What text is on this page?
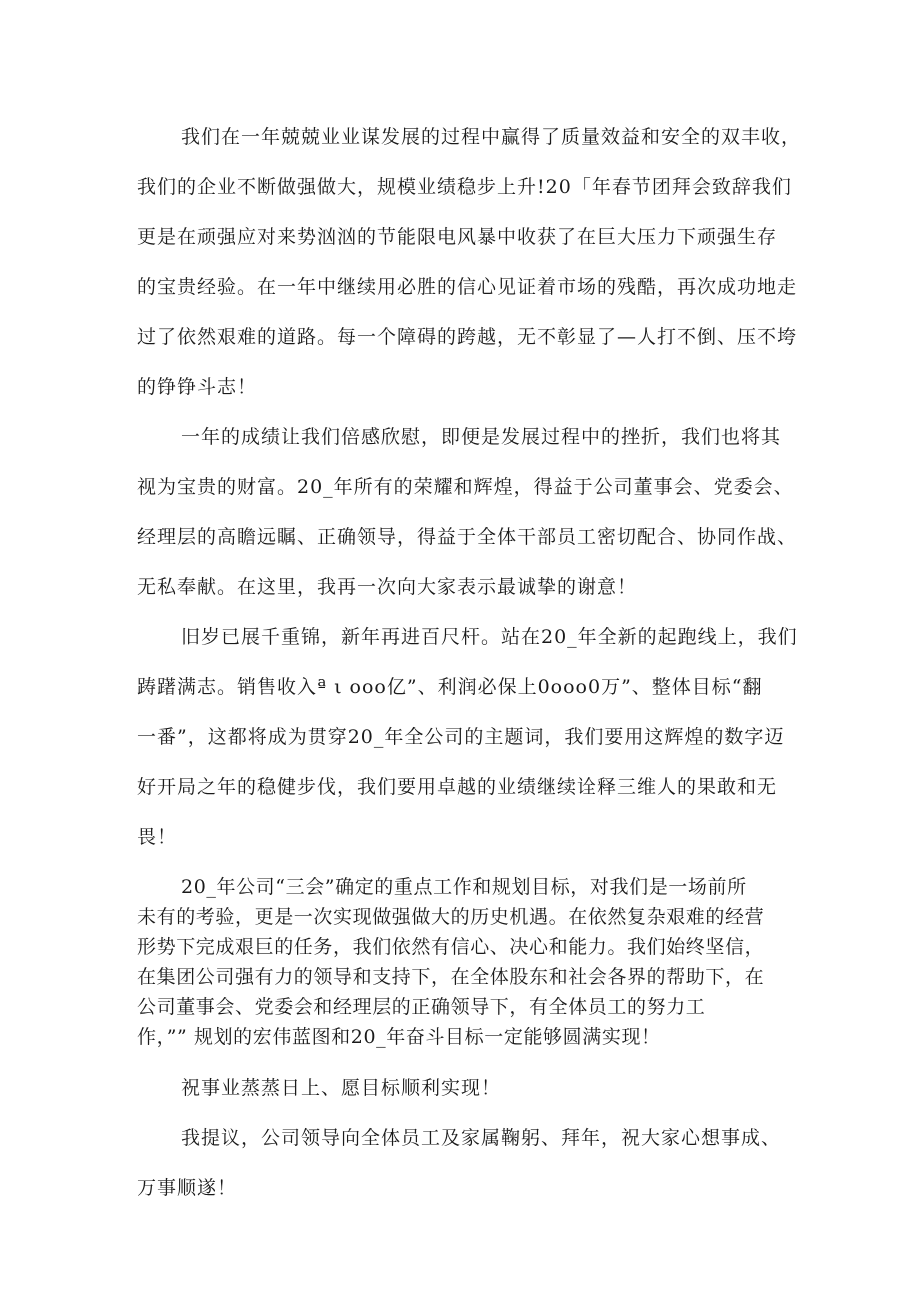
我们在一年兢兢业业谋发展的过程中赢得了质量效益和安全的双丰收，
我们的企业不断做强做大，规模业绩稳步上升!20「年春节团拜会致辞我们
更是在顽强应对来势汹汹的节能限电风暴中收获了在巨大压力下顽强生存
的宝贵经验。在一年中继续用必胜的信心见证着市场的残酷，再次成功地走
过了依然艰难的道路。每一个障碍的跨越，无不彰显了—人打不倒、压不垮
的铮铮斗志！
一年的成绩让我们倍感欣慰，即便是发展过程中的挫折，我们也将其
视为宝贵的财富。20_年所有的荣耀和辉煌，得益于公司董事会、党委会、
经理层的高瞻远瞩、正确领导，得益于全体干部员工密切配合、协同作战、
无私奉献。在这里，我再一次向大家表示最诚挚的谢意！
旧岁已展千重锦，新年再进百尺杆。站在20_年全新的起跑线上，我们
踌躇满志。销售收入ª ι ooo亿”、利润必保上0ooo0万”、整体目标“翻
一番”，这都将成为贯穿20_年全公司的主题词，我们要用这辉煌的数字迈
好开局之年的稳健步伐，我们要用卓越的业绩继续诠释三维人的果敢和无
畏！
20_年公司“三会”确定的重点工作和规划目标，对我们是一场前所
未有的考验，更是一次实现做强做大的历史机遇。在依然复杂艰难的经营
形势下完成艰巨的任务，我们依然有信心、决心和能力。我们始终坚信，
在集团公司强有力的领导和支持下，在全体股东和社会各界的帮助下，在
公司董事会、党委会和经理层的正确领导下，有全体员工的努力工
作，”” 规划的宏伟蓝图和20_年奋斗目标一定能够圆满实现！
祝事业蒸蒸日上、愿目标顺利实现！
我提议，公司领导向全体员工及家属鞠躬、拜年，祝大家心想事成、
万事顺遂！
